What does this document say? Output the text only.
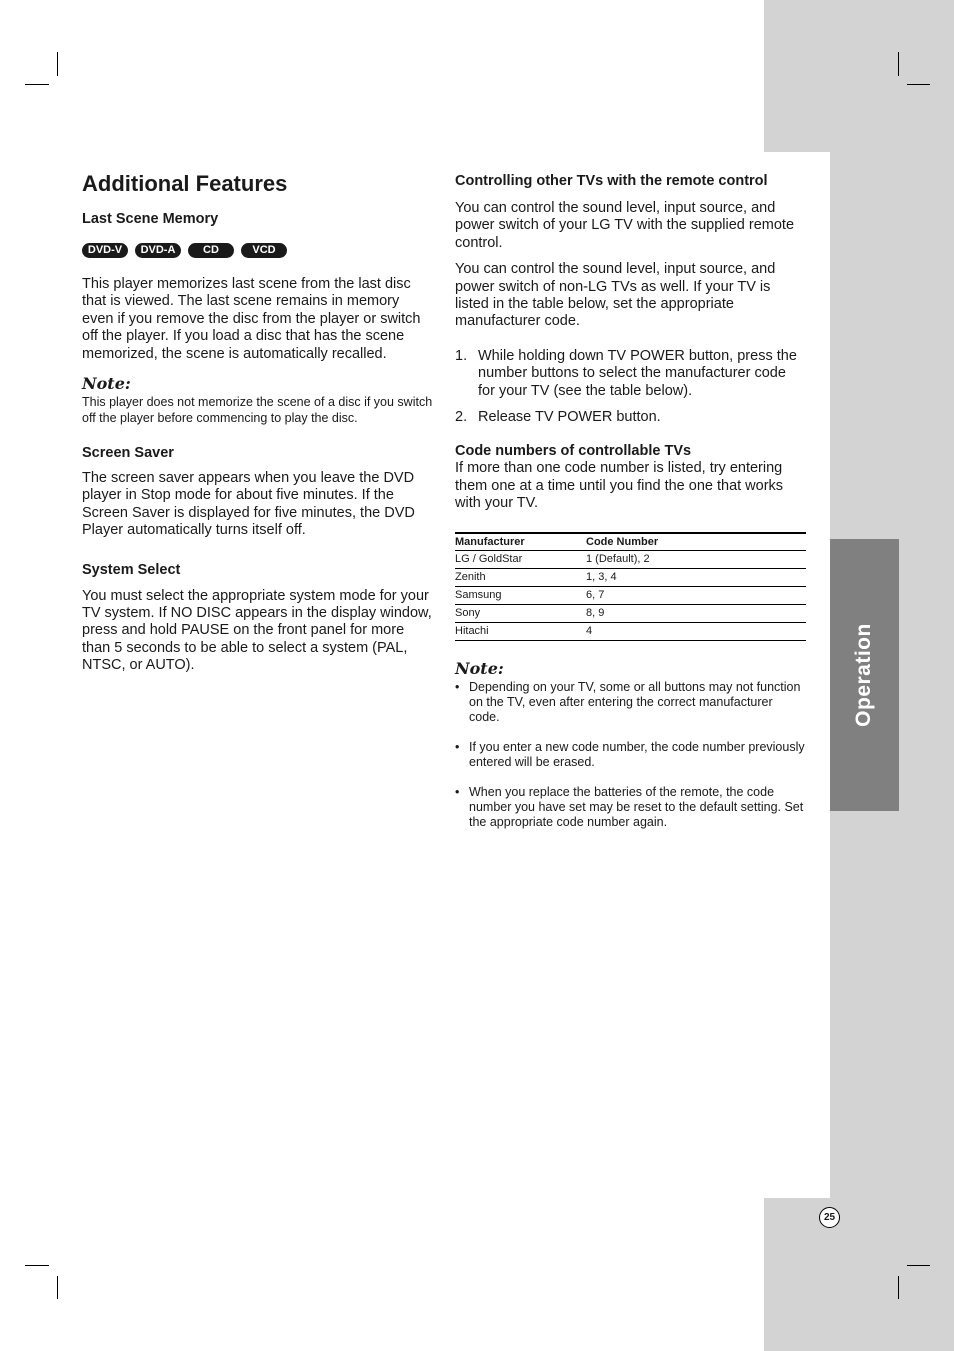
Operation
Additional Features
Last Scene Memory
DVD-V	DVD-A	CD	VCD

This player memorizes last scene from the last disc that is viewed. The last scene remains in memory even if you remove the disc from the player or switch off the player. If you load a disc that has the scene memorized, the scene is automatically recalled.

Note:
This player does not memorize the scene of a disc if you switch off the player before commencing to play the disc.
Screen Saver

The screen saver appears when you leave the DVD player in Stop mode for about five minutes. If the Screen Saver is displayed for five minutes, the DVD Player automatically turns itself off.

System Select

You must select the appropriate system mode for your TV system. If NO DISC appears in the display window, press and hold PAUSE on the front panel for more than 5 seconds to be able to select a system (PAL, NTSC, or AUTO).

Controlling other TVs with the remote control

You can control the sound level, input source, and power switch of your LG TV with the supplied remote control.

You can control the sound level, input source, and power switch of non-LG TVs as well. If your TV is listed in the table below, set the appropriate manufacturer code.

1. While holding down TV POWER button, press the number buttons to select the manufacturer code for your TV (see the table below).
2. Release TV POWER button.
Code numbers of controllable TVs

If more than one code number is listed, try entering them one at a time until you find the one that works with your TV.

Manufacturer	Code Number
LG / GoldStar	1 (Default), 2
Zenith	1, 3, 4
Samsung	6, 7
Sony	8, 9
Hitachi	4
Note:
• Depending on your TV, some or all buttons may not function on the TV, even after entering the correct manufacturer code.
• If you enter a new code number, the code number previously entered will be erased.
• When you replace the batteries of the remote, the code number you have set may be reset to the default setting. Set the appropriate code number again.
25
